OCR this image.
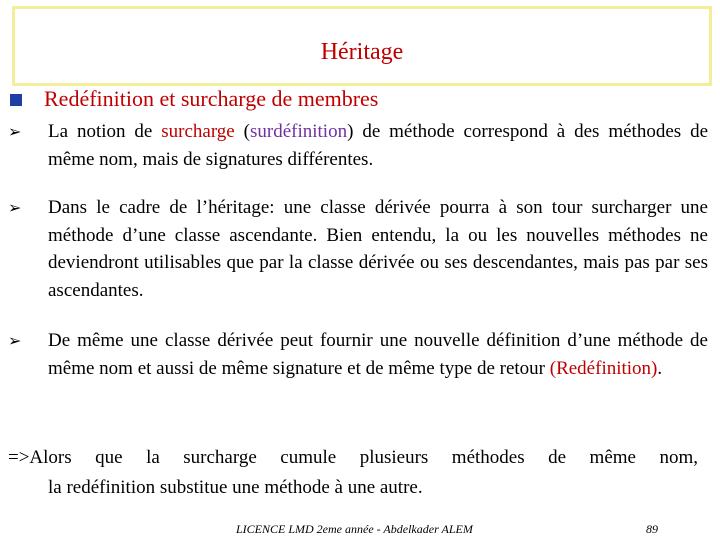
Héritage
Redéfinition et surcharge de membres
➢ La notion de surcharge (surdéfinition) de méthode correspond à des méthodes de même nom, mais de signatures différentes.
➢ Dans le cadre de l’héritage: une classe dérivée pourra à son tour surcharger une méthode d’une classe ascendante. Bien entendu, la ou les nouvelles méthodes ne deviendront utilisables que par la classe dérivée ou ses descendantes, mais pas par ses ascendantes.
➢ De même une classe dérivée peut fournir une nouvelle définition d’une méthode de même nom et aussi de même signature et de même type de retour (Redéfinition).
=>Alors que la surcharge cumule plusieurs méthodes de même nom,
la redéfinition substitue une méthode à une autre.
LICENCE LMD 2eme année - Abdelkader ALEM	89
